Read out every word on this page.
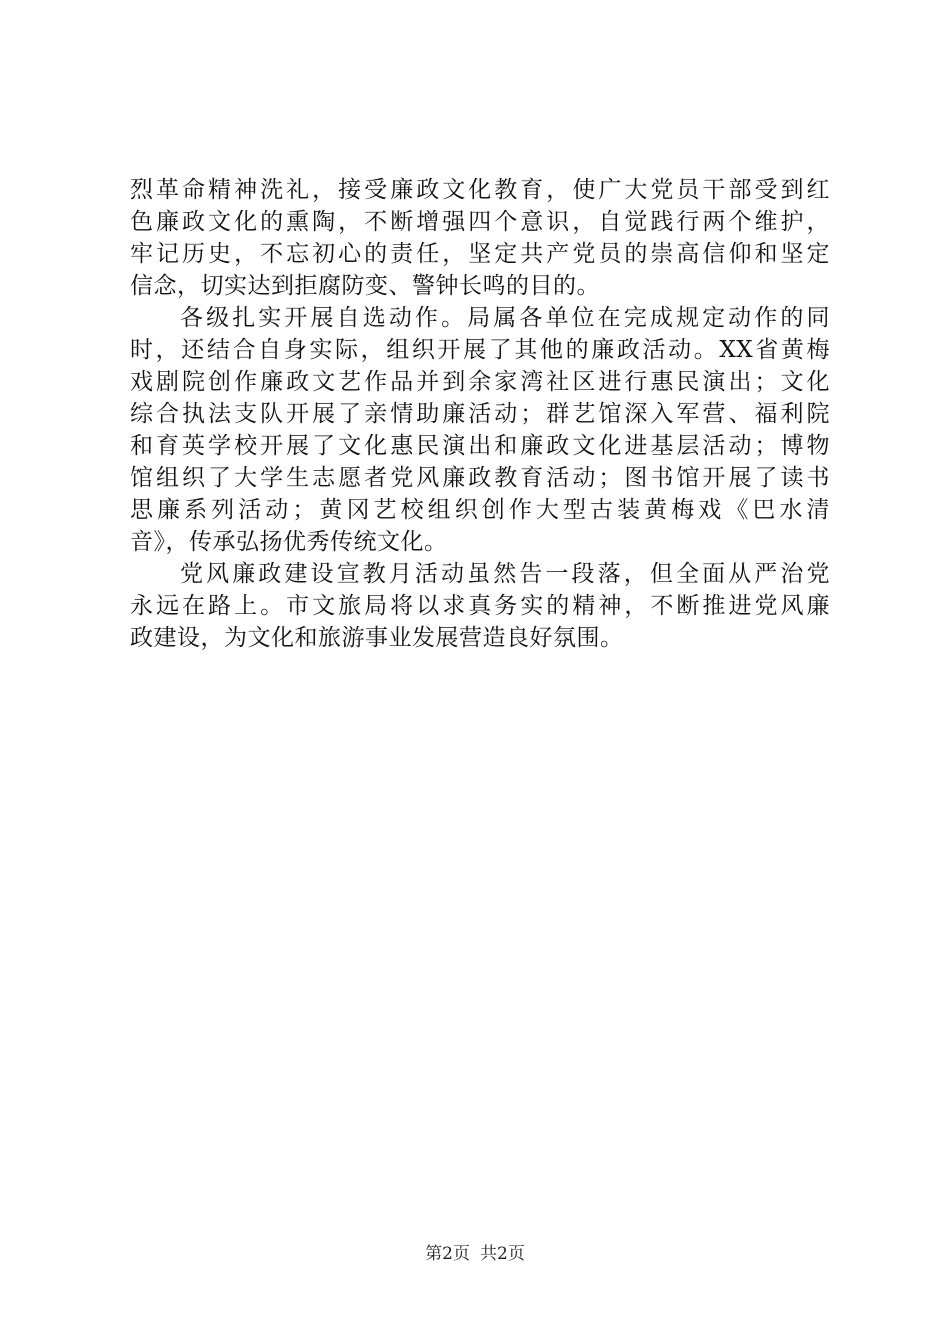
烈革命精神洗礼，接受廉政文化教育，使广大党员干部受到红
色廉政文化的熏陶，不断增强四个意识，自觉践行两个维护，
牢记历史，不忘初心的责任，坚定共产党员的崇高信仰和坚定
信念，切实达到拒腐防变、警钟长鸣的目的。
各级扎实开展自选动作。局属各单位在完成规定动作的同
时，还结合自身实际，组织开展了其他的廉政活动。XX省黄梅
戏剧院创作廉政文艺作品并到余家湾社区进行惠民演出；文化
综合执法支队开展了亲情助廉活动；群艺馆深入军营、福利院
和育英学校开展了文化惠民演出和廉政文化进基层活动；博物
馆组织了大学生志愿者党风廉政教育活动；图书馆开展了读书
思廉系列活动；黄冈艺校组织创作大型古装黄梅戏《巴水清
音》，传承弘扬优秀传统文化。
党风廉政建设宣教月活动虽然告一段落，但全面从严治党
永远在路上。市文旅局将以求真务实的精神，不断推进党风廉
政建设，为文化和旅游事业发展营造良好氛围。
第2页 共2页
